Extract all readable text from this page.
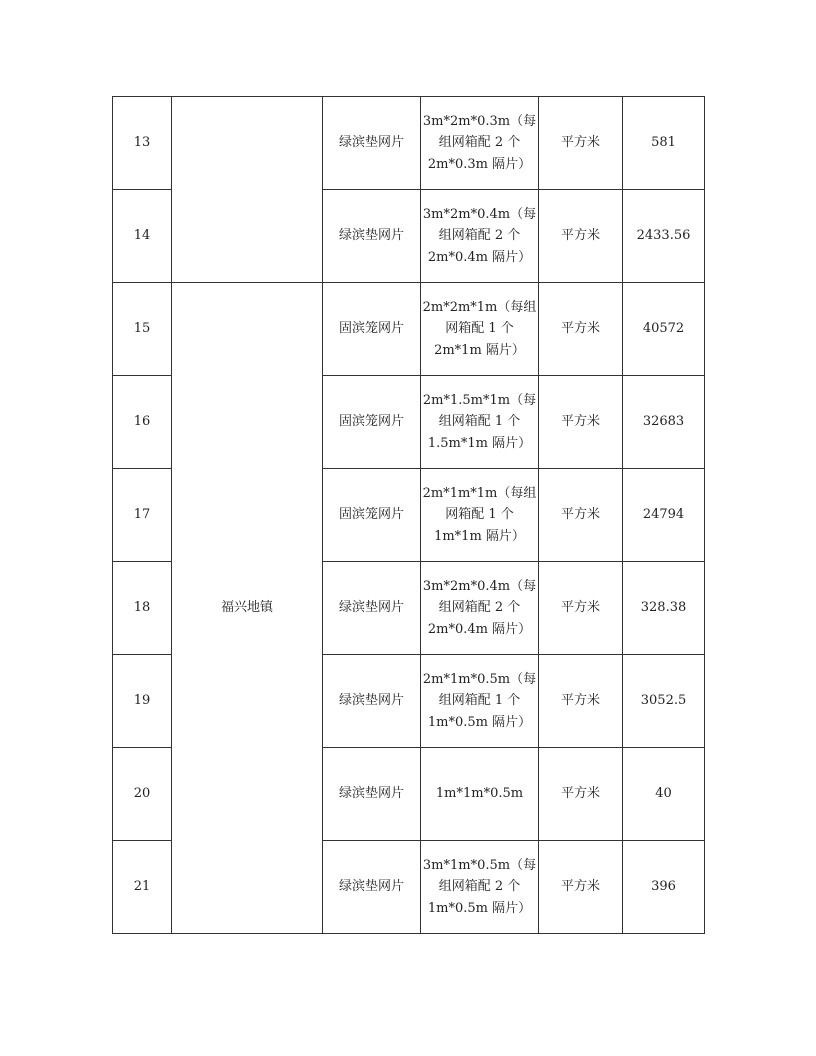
13		绿滨垫网片	3m*2m*0.3m（每
组网箱配 2 个
2m*0.3m 隔片）	平方米	581
14		绿滨垫网片	3m*2m*0.4m（每
组网箱配 2 个
2m*0.4m 隔片）	平方米	2433.56
15	福兴地镇	固滨笼网片	2m*2m*1m（每组
网箱配 1 个
2m*1m 隔片）	平方米	40572
16		固滨笼网片	2m*1.5m*1m（每
组网箱配 1 个
1.5m*1m 隔片）	平方米	32683
17		固滨笼网片	2m*1m*1m（每组
网箱配 1 个
1m*1m 隔片）	平方米	24794
18		绿滨垫网片	3m*2m*0.4m（每
组网箱配 2 个
2m*0.4m 隔片）	平方米	328.38
19		绿滨垫网片	2m*1m*0.5m（每
组网箱配 1 个
1m*0.5m 隔片）	平方米	3052.5
20		绿滨垫网片	1m*1m*0.5m	平方米	40
21		绿滨垫网片	3m*1m*0.5m（每
组网箱配 2 个
1m*0.5m 隔片）	平方米	396
